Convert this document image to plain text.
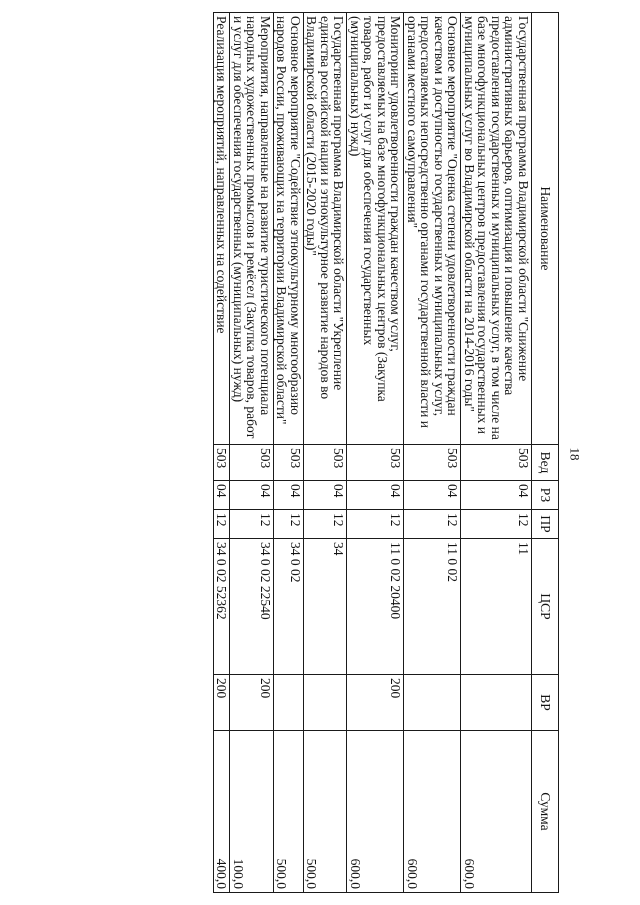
18
Наименование	Вед	РЗ	ПР	ЦСР	ВР	Сумма
Государственная программа Владимирской области "Снижение административных барьеров, оптимизация и повышение качества предоставления государственных и муниципальных услуг, в том числе на базе многофункциональных центров предоставления государственных и муниципальных услуг во Владимирской области на 2014-2016 годы"	503	04	12	11		600,0
Основное мероприятие "Оценка степени удовлетворенности граждан качеством и доступностью государственных и муниципальных услуг, предоставляемых непосредственно органами государственной власти и органами местного самоуправления"	503	04	12	11 0 02		600,0
Мониторинг удовлетворенности граждан качеством услуг, предоставляемых на базе многофункциональных центров (Закупка товаров, работ и услуг для обеспечения государственных (муниципальных) нужд)	503	04	12	11 0 02 20400	200	600,0
Государственная программа Владимирской области "Укрепление единства российской нации и этнокультурное развитие народов во Владимирской области (2015-2020 годы)"	503	04	12	34		500,0
Основное мероприятие "Содействие этнокультурному многообразию народов России, проживающих на территории Владимирской области"	503	04	12	34 0 02		500,0
Мероприятия, направленные на развитие туристического потенциала народных художественных промыслов и ремёсел (Закупка товаров, работ и услуг для обеспечения государственных (муниципальных) нужд)	503	04	12	34 0 02 22540	200	100,0
Реализация мероприятий, направленных на содействие	503	04	12	34 0 02 52362	200	400,0
